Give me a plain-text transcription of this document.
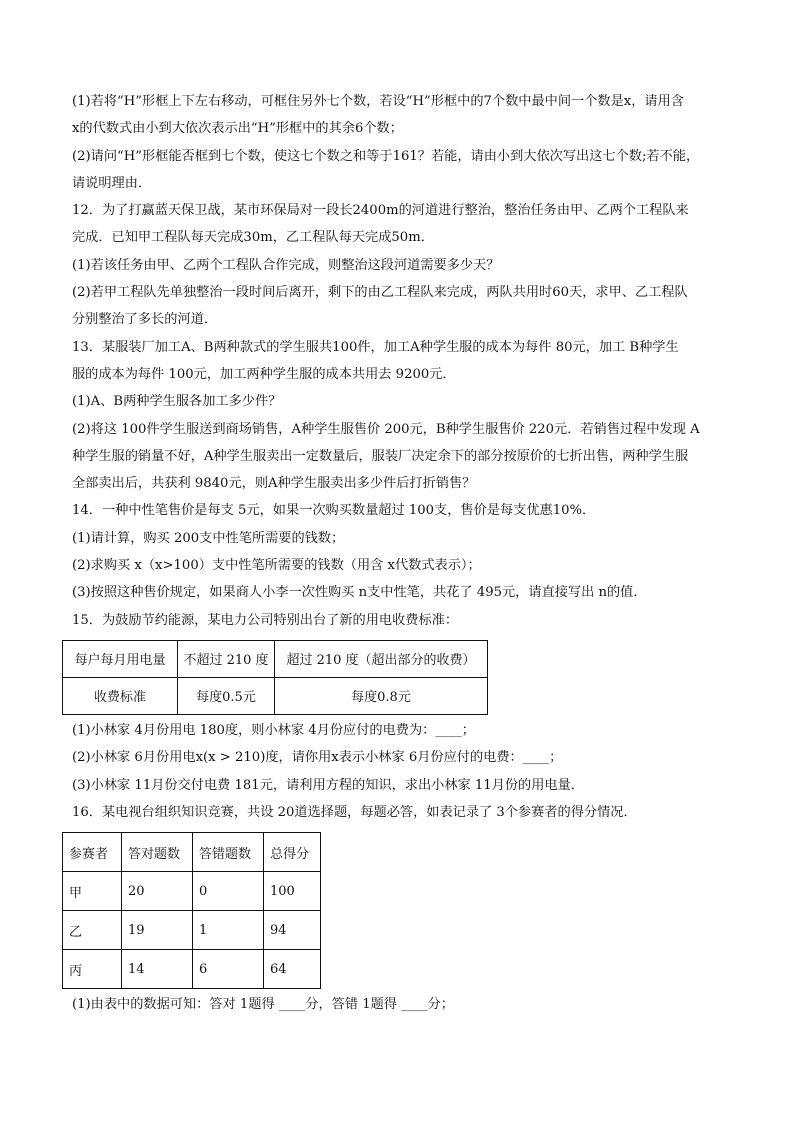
(1)若将“H”形框上下左右移动，可框住另外七个数，若设“H”形框中的7个数中最中间一个数是x，请用含

x的代数式由小到大依次表示出“H”形框中的其余6个数；

(2)请问“H”形框能否框到七个数，使这七个数之和等于161？若能，请由小到大依次写出这七个数;若不能，

请说明理由．

12．为了打赢蓝天保卫战，某市环保局对一段长2400m的河道进行整治，整治任务由甲、乙两个工程队来

完成．已知甲工程队每天完成30m，乙工程队每天完成50m．

(1)若该任务由甲、乙两个工程队合作完成，则整治这段河道需要多少天？

(2)若甲工程队先单独整治一段时间后离开，剩下的由乙工程队来完成，两队共用时60天，求甲、乙工程队

分别整治了多长的河道．

13．某服装厂加工A、B两种款式的学生服共100件，加工A种学生服的成本为每件 80元，加工 B种学生

服的成本为每件 100元，加工两种学生服的成本共用去 9200元．

(1)A、B两种学生服各加工多少件？

(2)将这 100件学生服送到商场销售，A种学生服售价 200元，B种学生服售价 220元．若销售过程中发现 A

种学生服的销量不好，A种学生服卖出一定数量后，服装厂决定余下的部分按原价的七折出售，两种学生服

全部卖出后，共获利 9840元，则A种学生服卖出多少件后打折销售？

14．一种中性笔售价是每支 5元，如果一次购买数量超过 100支，售价是每支优惠10%．

(1)请计算，购买 200支中性笔所需要的钱数；

(2)求购买 x（x>100）支中性笔所需要的钱数（用含 x代数式表示）；

(3)按照这种售价规定，如果商人小李一次性购买 n支中性笔，共花了 495元，请直接写出 n的值．

15．为鼓励节约能源，某电力公司特别出台了新的用电收费标准：

每户每月用电量	不超过 210 度	超过 210 度（超出部分的收费）
收费标准	每度0.5元	每度0.8元

(1)小林家 4月份用电 180度，则小林家 4月份应付的电费为：____；

(2)小林家 6月份用电x(x > 210)度，请你用x表示小林家 6月份应付的电费：____；

(3)小林家 11月份交付电费 181元，请利用方程的知识，求出小林家 11月份的用电量．

16．某电视台组织知识竞赛，共设 20道选择题，每题必答，如表记录了 3个参赛者的得分情况．

参赛者	答对题数	答错题数	总得分
甲	20	0	100
乙	19	1	94
丙	14	6	64

(1)由表中的数据可知：答对 1题得 ____分，答错 1题得 ____分；
